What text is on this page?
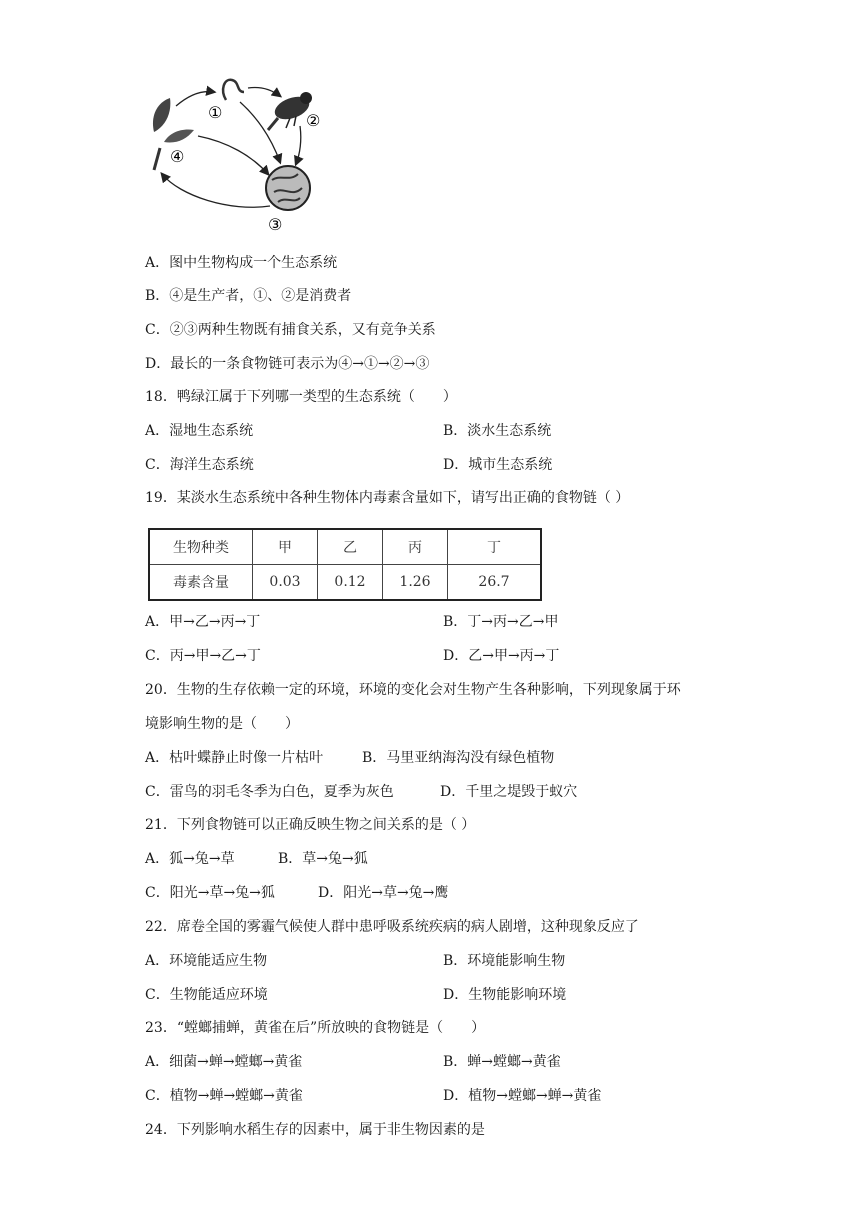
①	②
③
④
A．图中生物构成一个生态系统
B．④是生产者，①、②是消费者
C．②③两种生物既有捕食关系，又有竞争关系
D．最长的一条食物链可表示为④→①→②→③
18．鸭绿江属于下列哪一类型的生态系统（　　）
A．湿地生态系统	B．淡水生态系统
C．海洋生态系统	D．城市生态系统
19．某淡水生态系统中各种生物体内毒素含量如下，请写出正确的食物链（ ）
生物种类	甲	乙	丙	丁
毒素含量	0.03	0.12	1.26	26.7
A．甲→乙→丙→丁	B．丁→丙→乙→甲
C．丙→甲→乙→丁	D．乙→甲→丙→丁
20．生物的生存依赖一定的环境，环境的变化会对生物产生各种影响，下列现象属于环
境影响生物的是（　　）
A．枯叶蝶静止时像一片枯叶	B．马里亚纳海沟没有绿色植物
C．雷鸟的羽毛冬季为白色，夏季为灰色	D．千里之堤毁于蚁穴
21．下列食物链可以正确反映生物之间关系的是（ ）
A．狐→兔→草	B．草→兔→狐
C．阳光→草→兔→狐	D．阳光→草→兔→鹰
22．席卷全国的雾霾气候使人群中患呼吸系统疾病的病人剧增，这种现象反应了
A．环境能适应生物	B．环境能影响生物
C．生物能适应环境	D．生物能影响环境
23．“螳螂捕蝉，黄雀在后”所放映的食物链是（　　）
A．细菌→蝉→螳螂→黄雀	B．蝉→螳螂→黄雀
C．植物→蝉→螳螂→黄雀	D．植物→螳螂→蝉→黄雀
24．下列影响水稻生存的因素中，属于非生物因素的是
